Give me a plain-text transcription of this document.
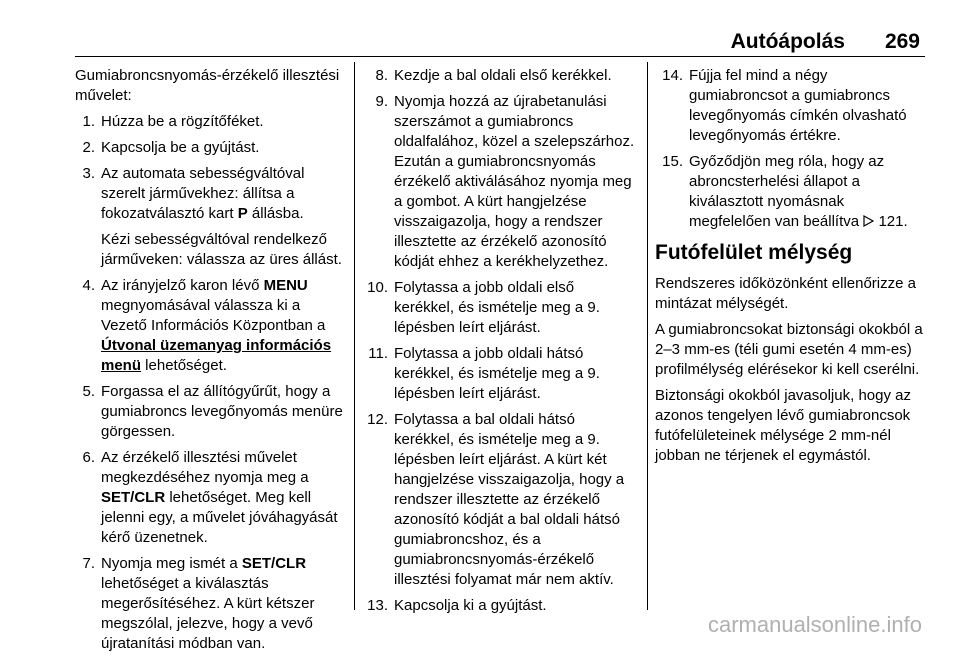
Autóápolás 269

Gumiabroncsnyomás-érzékelő illesztési művelet:

1. Húzza be a rögzítőféket.
2. Kapcsolja be a gyújtást.
3. Az automata sebességváltóval szerelt járművekhez: állítsa a fokozatválasztó kart P állásba.

Kézi sebességváltóval rendelkező járműveken: válassza az üres állást.

4. Az irányjelző karon lévő MENU megnyomásával válassza ki a Vezető Információs Központban a Útvonal üzemanyag információs menü lehetőséget.
5. Forgassa el az állítógyűrűt, hogy a gumiabroncs levegőnyomás menüre görgessen.
6. Az érzékelő illesztési művelet megkezdéséhez nyomja meg a SET/CLR lehetőséget. Meg kell jelenni egy, a művelet jóváhagyását kérő üzenetnek.
7. Nyomja meg ismét a SET/CLR lehetőséget a kiválasztás megerősítéséhez. A kürt kétszer megszólal, jelezve, hogy a vevő újratanítási módban van.
8. Kezdje a bal oldali első kerékkel.
9. Nyomja hozzá az újrabetanulási szerszámot a gumiabroncs oldalfalához, közel a szelepszárhoz. Ezután a gumiabroncsnyomás érzékelő aktiválásához nyomja meg a gombot. A kürt hangjelzése visszaigazolja, hogy a rendszer illesztette az érzékelő azonosító kódját ehhez a kerékhelyzethez.
10. Folytassa a jobb oldali első kerékkel, és ismételje meg a 9. lépésben leírt eljárást.
11. Folytassa a jobb oldali hátsó kerékkel, és ismételje meg a 9. lépésben leírt eljárást.
12. Folytassa a bal oldali hátsó kerékkel, és ismételje meg a 9. lépésben leírt eljárást. A kürt két hangjelzése visszaigazolja, hogy a rendszer illesztette az érzékelő azonosító kódját a bal oldali hátsó gumiabroncshoz, és a gumiabroncsnyomás-érzékelő illesztési folyamat már nem aktív.
13. Kapcsolja ki a gyújtást.
14. Fújja fel mind a négy gumiabroncsot a gumiabroncs levegőnyomás címkén olvasható levegőnyomás értékre.
15. Győződjön meg róla, hogy az abroncsterhelési állapot a kiválasztott nyomásnak megfelelően van beállítva 121.
Futófelület mélység

Rendszeres időközönként ellenőrizze a mintázat mélységét.

A gumiabroncsokat biztonsági okokból a 2–3 mm-es (téli gumi esetén 4 mm-es) profilmélység elérésekor ki kell cserélni.

Biztonsági okokból javasoljuk, hogy az azonos tengelyen lévő gumiabroncsok futófelületeinek mélysége 2 mm-nél jobban ne térjenek el egymástól.

carmanualsonline.info
